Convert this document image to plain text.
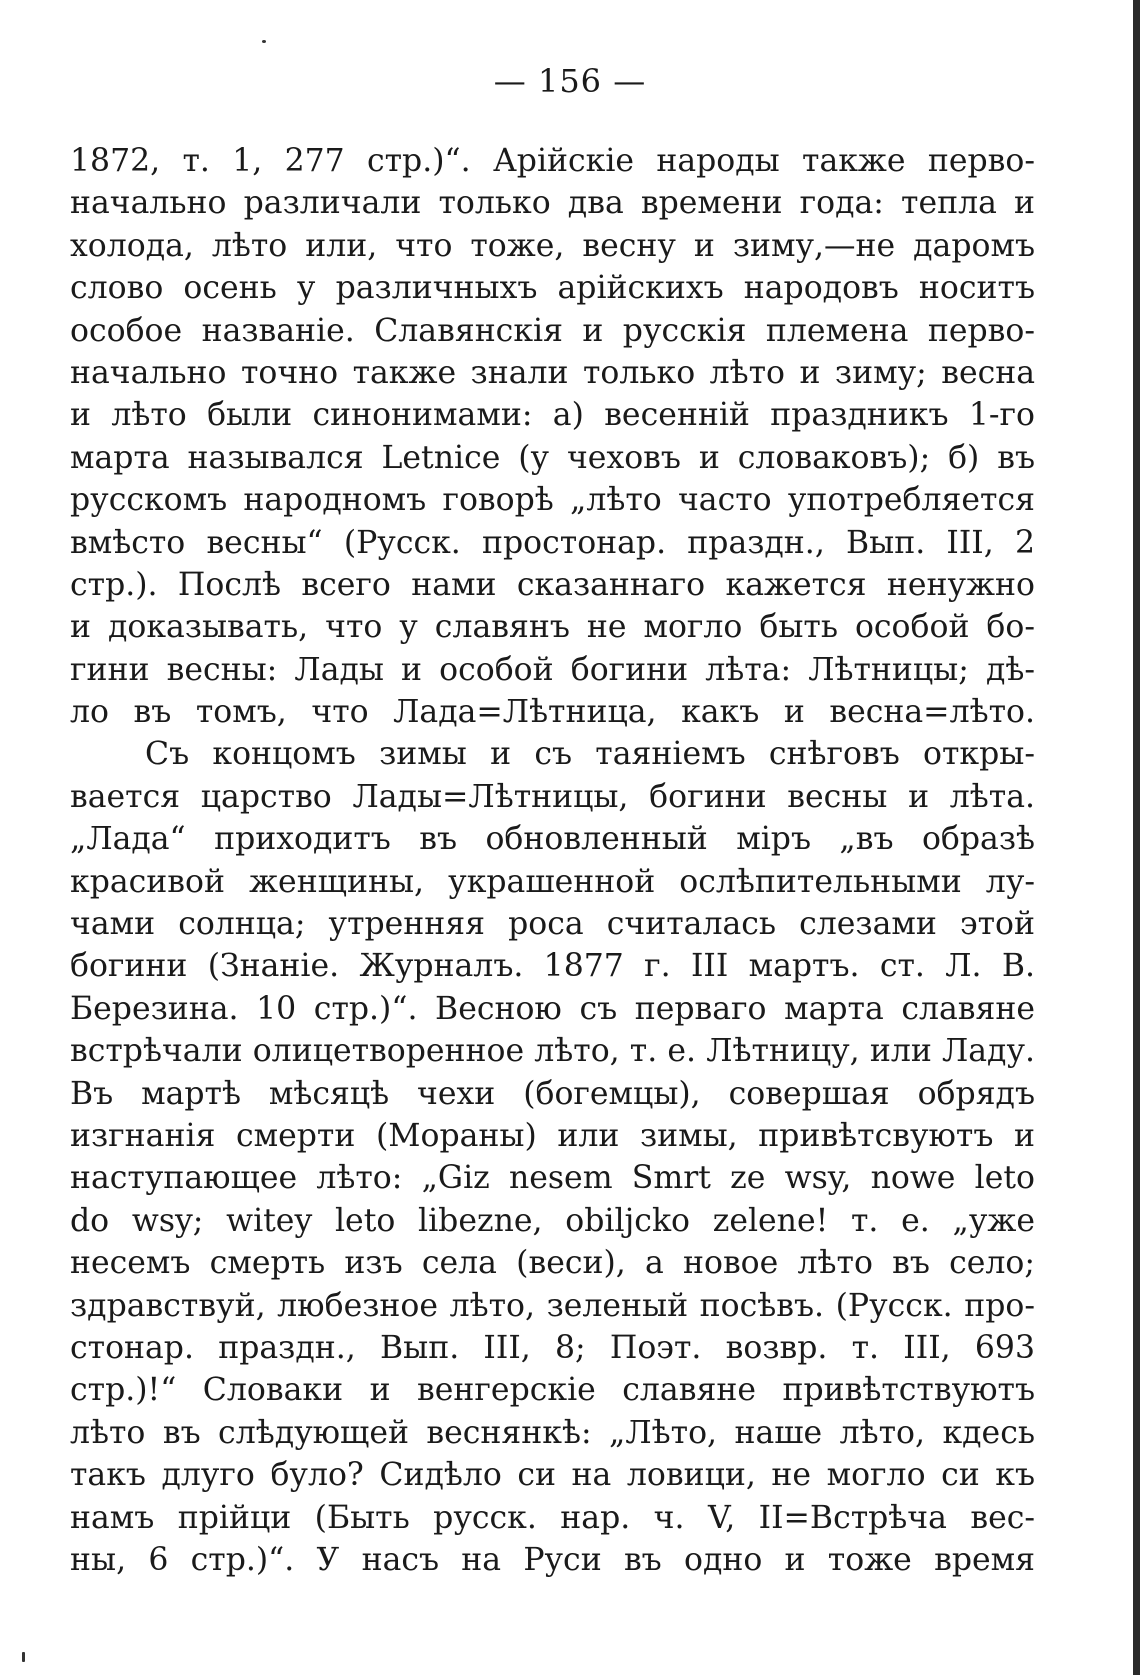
— 156 —
1872, т. 1, 277 стр.)“. Арійскіе народы также перво-
начально различали только два времени года: тепла и
холода, лѣто или, что тоже, весну и зиму,—не даромъ
слово осень у различныхъ арійскихъ народовъ носитъ
особое названіе. Славянскія и русскія племена перво-
начально точно также знали только лѣто и зиму; весна
и лѣто были синонимами: а) весенній праздникъ 1-го
марта назывался Letnice (у чеховъ и словаковъ); б) въ
русскомъ народномъ говорѣ „лѣто часто употребляется
вмѣсто весны“ (Русск. простонар. праздн., Вып. III, 2
стр.). Послѣ всего нами сказаннаго кажется ненужно
и доказывать, что у славянъ не могло быть особой бо-
гини весны: Лады и особой богини лѣта: Лѣтницы; дѣ-
ло въ томъ, что Лада=Лѣтница, какъ и весна=лѣто.
Съ концомъ зимы и съ таяніемъ снѣговъ откры-
вается царство Лады=Лѣтницы, богини весны и лѣта.
„Лада“ приходитъ въ обновленный міръ „въ образѣ
красивой женщины, украшенной ослѣпительными лу-
чами солнца; утренняя роса считалась слезами этой
богини (Знаніе. Журналъ. 1877 г. III мартъ. ст. Л. В.
Березина. 10 стр.)“. Весною съ перваго марта славяне
встрѣчали олицетворенное лѣто, т. е. Лѣтницу, или Ладу.
Въ мартѣ мѣсяцѣ чехи (богемцы), совершая обрядъ
изгнанія смерти (Мораны) или зимы, привѣтсвуютъ и
наступающее лѣто: „Giz nesem Smrt ze wsy, nowe leto
do wsy; witey leto libezne, obiljcko zelene! т. е. „уже
несемъ смерть изъ села (веси), а новое лѣто въ село;
здравствуй, любезное лѣто, зеленый посѣвъ. (Русск. про-
стонар. праздн., Вып. III, 8; Поэт. возвр. т. III, 693
стр.)!“ Словаки и венгерскіе славяне привѣтствуютъ
лѣто въ слѣдующей веснянкѣ: „Лѣто, наше лѣто, кдесь
такъ длуго було? Сидѣло си на ловици, не могло си къ
намъ прійци (Быть русск. нар. ч. V, II=Встрѣча вес-
ны, 6 стр.)“. У насъ на Руси въ одно и тоже время
